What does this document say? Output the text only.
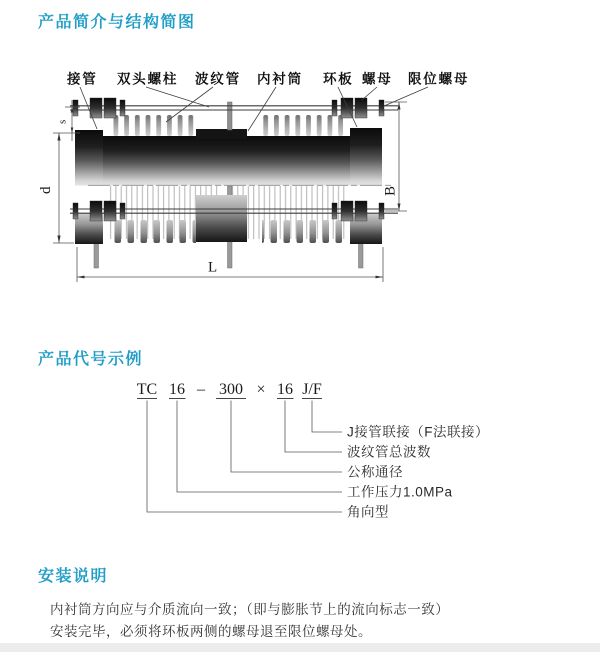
产品简介与结构简图
d
s
B
L
接管 双头螺柱 波纹管 内衬筒 环板 螺母 限位螺母
产品代号示例
TC 16 – 300 × 16 J/F
J接管联接（F法联接）
波纹管总波数
公称通径
工作压力1.0MPa
角向型
安装说明
内衬筒方向应与介质流向一致；（即与膨胀节上的流向标志一致）
安装完毕，必须将环板两侧的螺母退至限位螺母处。
